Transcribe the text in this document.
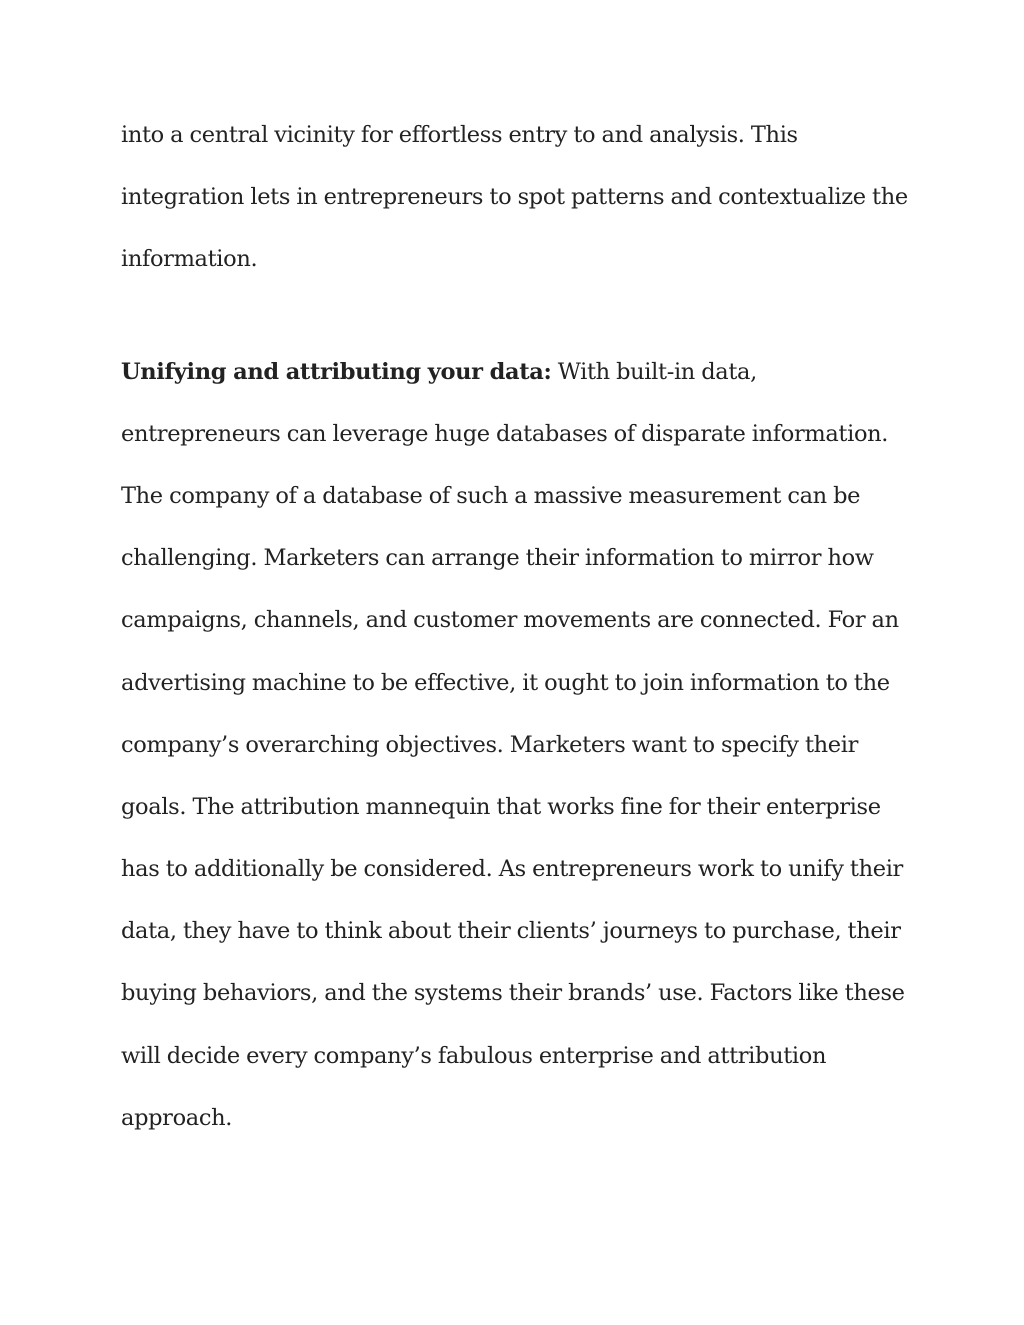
into a central vicinity for effortless entry to and analysis. This
integration lets in entrepreneurs to spot patterns and contextualize the
information.
Unifying and attributing your data: With built-in data,
entrepreneurs can leverage huge databases of disparate information.
The company of a database of such a massive measurement can be
challenging. Marketers can arrange their information to mirror how
campaigns, channels, and customer movements are connected. For an
advertising machine to be effective, it ought to join information to the
company’s overarching objectives. Marketers want to specify their
goals. The attribution mannequin that works fine for their enterprise
has to additionally be considered. As entrepreneurs work to unify their
data, they have to think about their clients’ journeys to purchase, their
buying behaviors, and the systems their brands’ use. Factors like these
will decide every company’s fabulous enterprise and attribution
approach.
